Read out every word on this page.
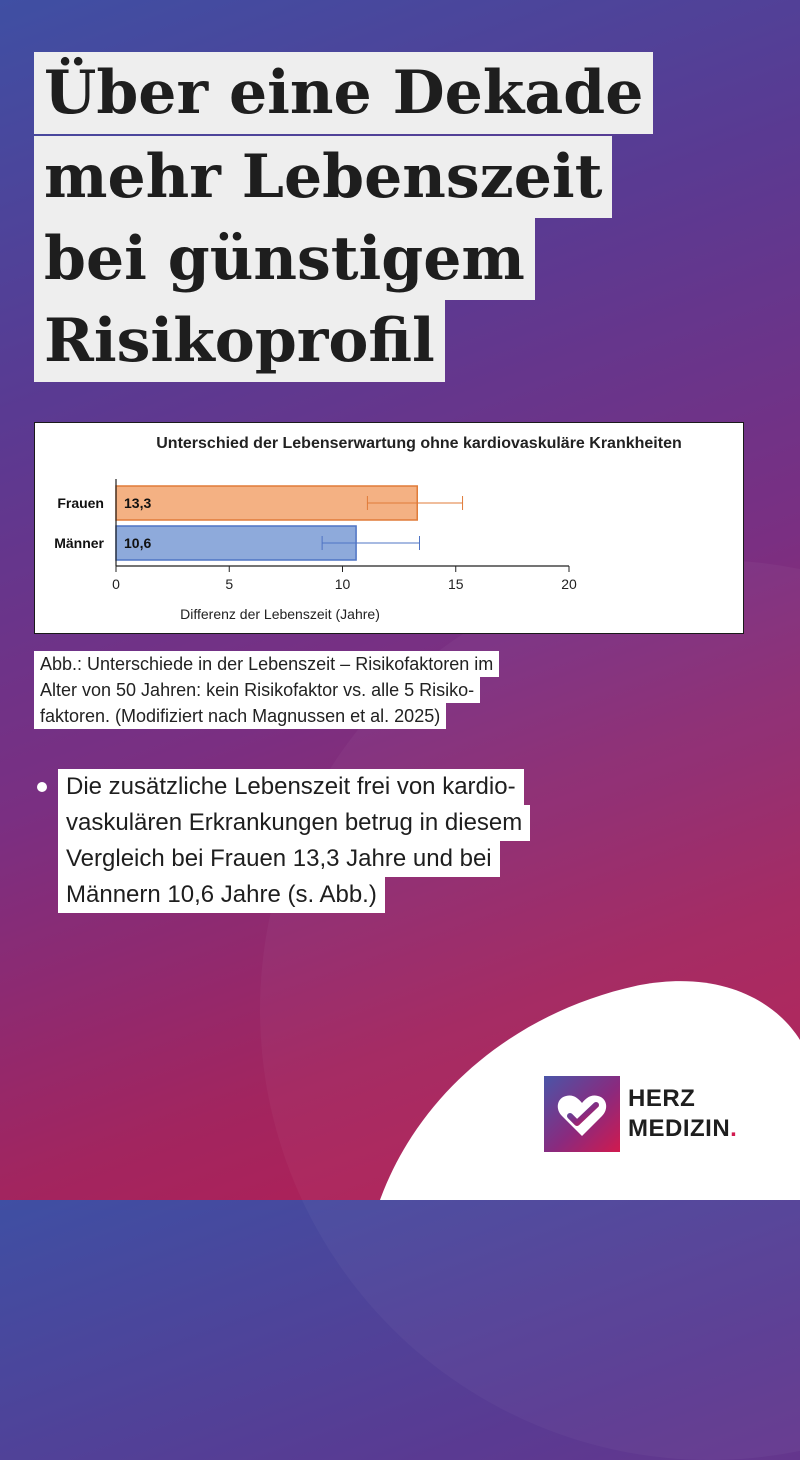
Über eine Dekade
mehr Lebenszeit
bei günstigem
Risikoprofil
Unterschied der Lebenserwartung ohne kardiovaskuläre Krankheiten
13,3
Frauen
10,6
Männer
0	5	10	15	20
Differenz der Lebenszeit (Jahre)
Abb.: Unterschiede in der Lebenszeit – Risikofaktoren im
Alter von 50 Jahren: kein Risikofaktor vs. alle 5 Risiko-
faktoren. (Modifiziert nach Magnussen et al. 2025)
Die zusätzliche Lebenszeit frei von kardio-
vaskulären Erkrankungen betrug in diesem
Vergleich bei Frauen 13,3 Jahre und bei
Männern 10,6 Jahre (s. Abb.)
HERZ
MEDIZIN.
